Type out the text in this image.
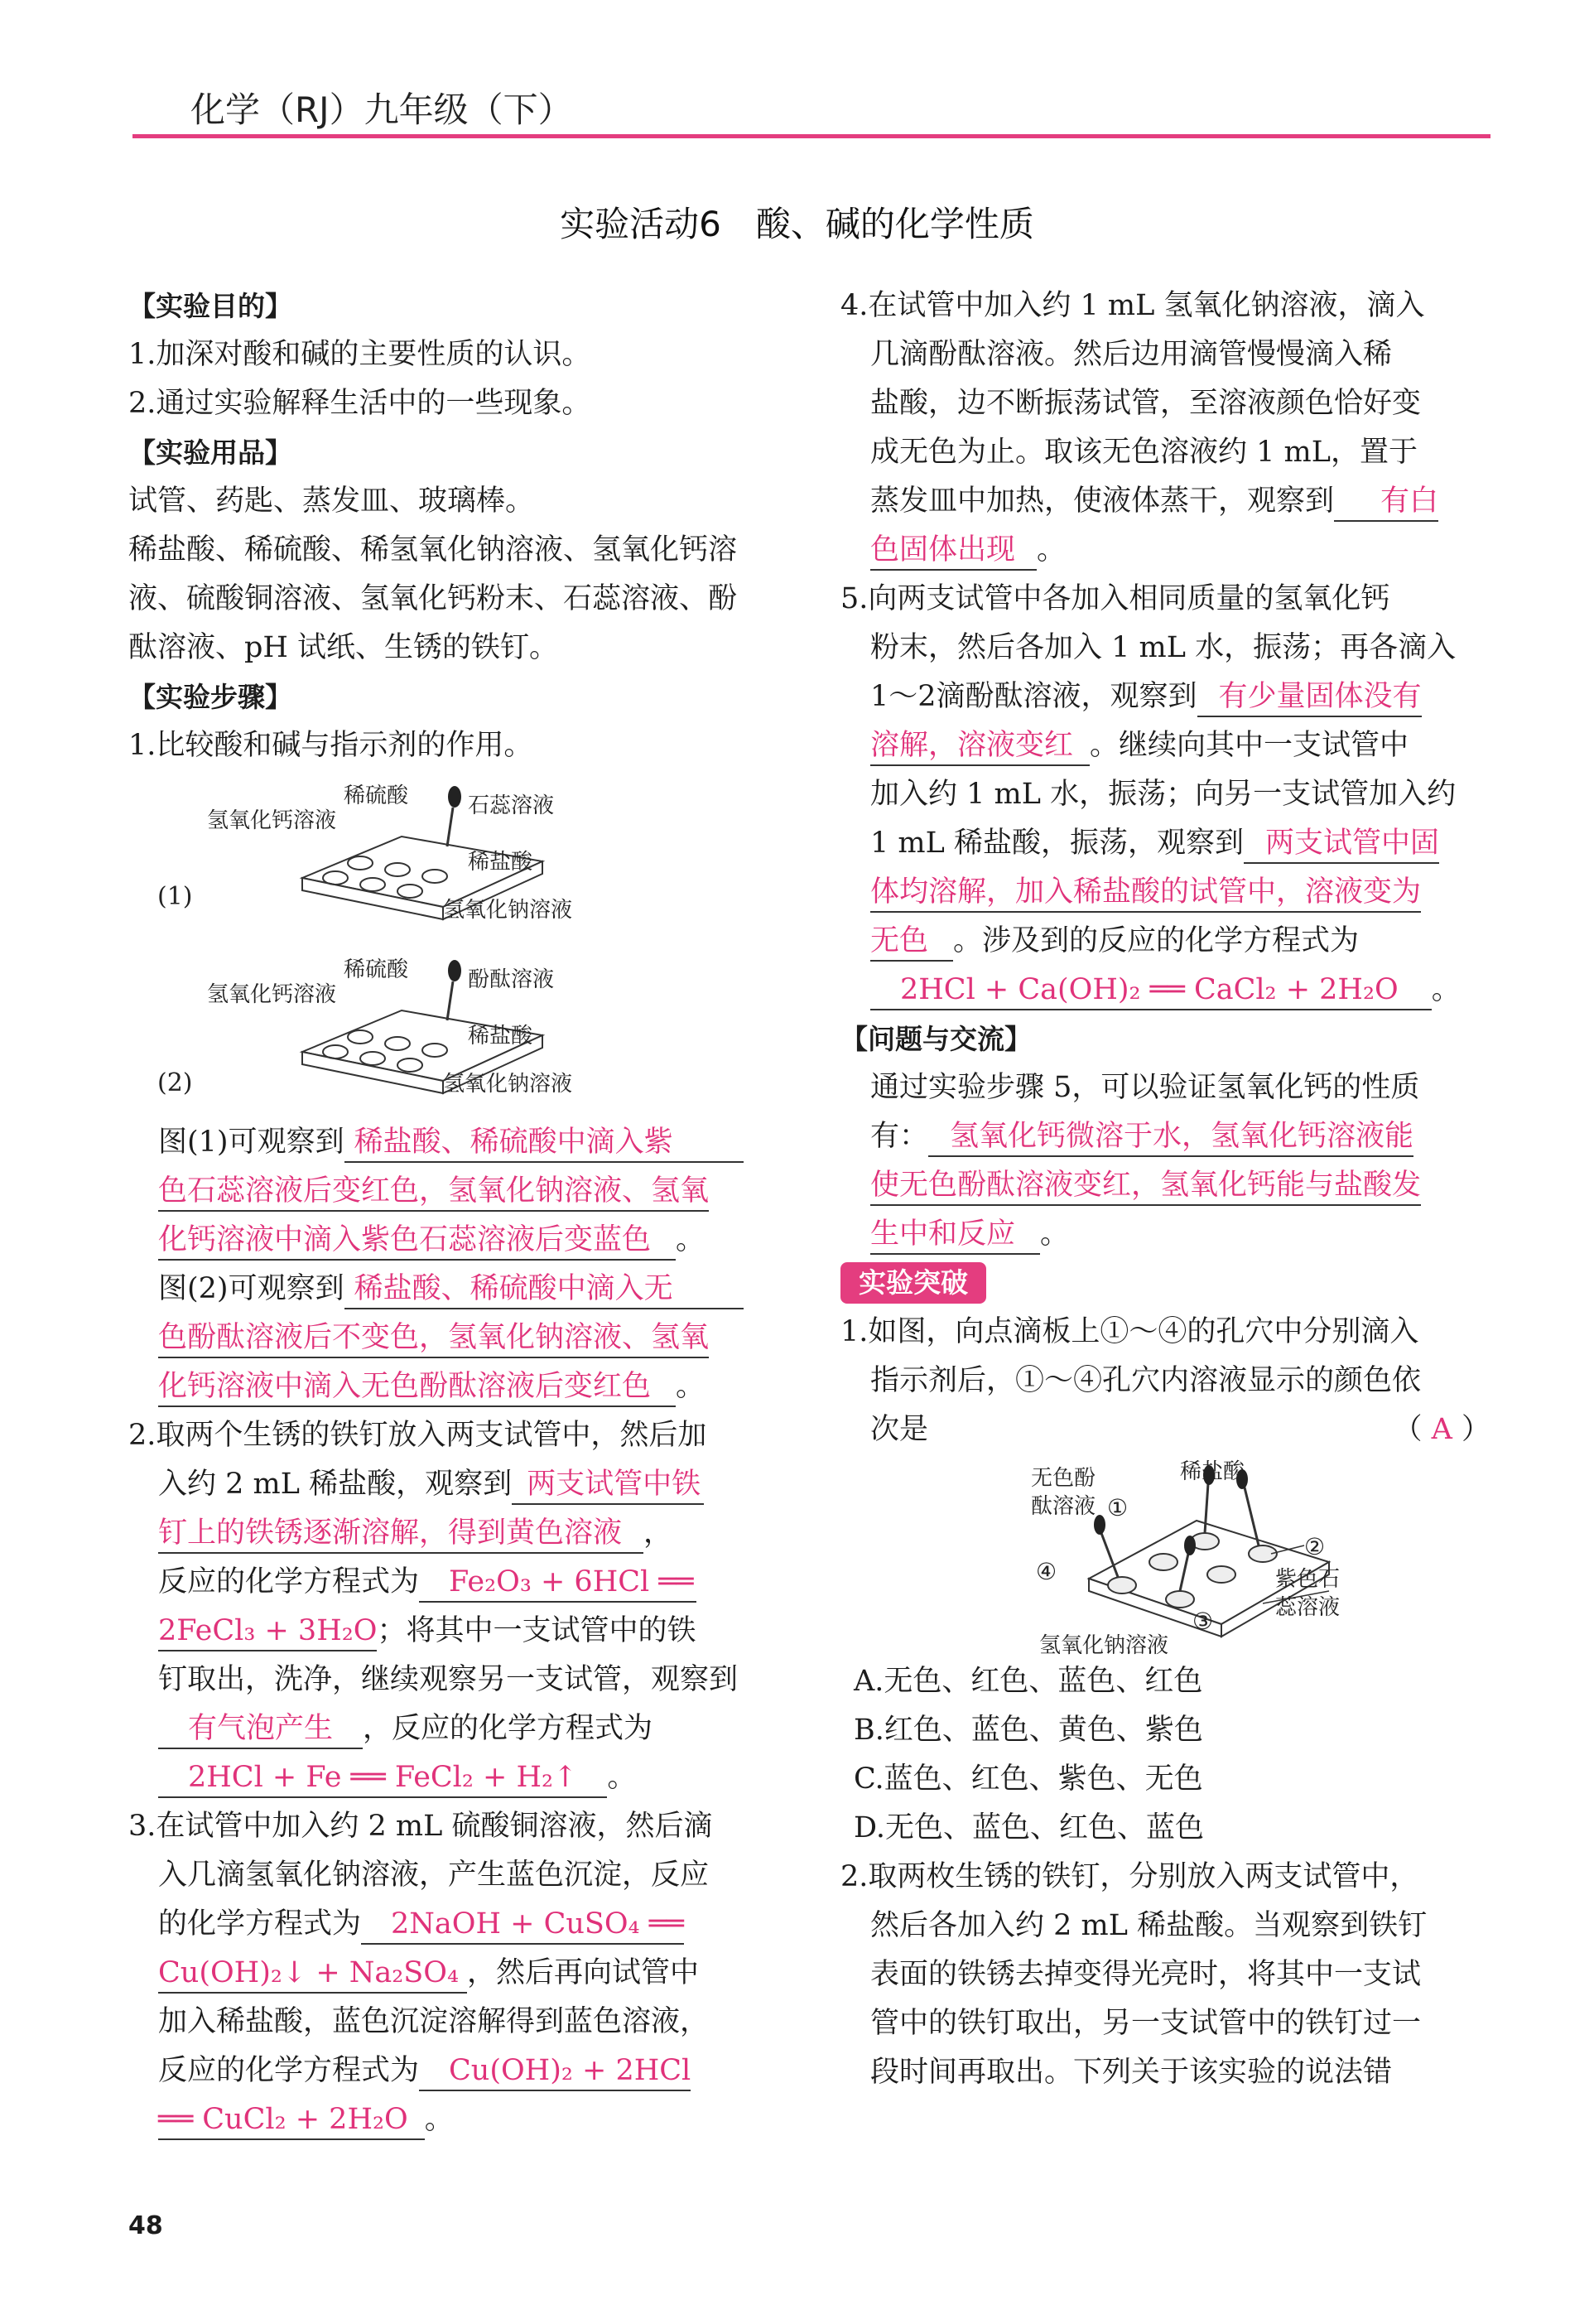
化学（RJ）九年级（下）
实验活动6　酸、碱的化学性质
【实验目的】
1.加深对酸和碱的主要性质的认识。
2.通过实验解释生活中的一些现象。
【实验用品】
试管、药匙、蒸发皿、玻璃棒。
稀盐酸、稀硫酸、稀氢氧化钠溶液、氢氧化钙溶
液、硫酸铜溶液、氢氧化钙粉末、石蕊溶液、酚
酞溶液、pH 试纸、生锈的铁钉。
【实验步骤】
1.比较酸和碱与指示剂的作用。
稀硫酸	石蕊溶液
氢氧化钙溶液
稀盐酸
氢氧化钠溶液
(1)
稀硫酸	酚酞溶液
氢氧化钙溶液
稀盐酸
氢氧化钠溶液
(2)
图(1)可观察到 稀盐酸、稀硫酸中滴入紫
色石蕊溶液后变红色，氢氧化钠溶液、氢氧
化钙溶液中滴入紫色石蕊溶液后变蓝色 。
图(2)可观察到 稀盐酸、稀硫酸中滴入无
色酚酞溶液后不变色，氢氧化钠溶液、氢氧
化钙溶液中滴入无色酚酞溶液后变红色 。
2.取两个生锈的铁钉放入两支试管中，然后加
入约 2 mL 稀盐酸，观察到 两支试管中铁
钉上的铁锈逐渐溶解，得到黄色溶液 ，
反应的化学方程式为 Fe₂O₃ + 6HCl ══
2FeCl₃ + 3H₂O；将其中一支试管中的铁
钉取出，洗净，继续观察另一支试管，观察到
有气泡产生 ，反应的化学方程式为
2HCl + Fe ══ FeCl₂ + H₂↑ 。
3.在试管中加入约 2 mL 硫酸铜溶液，然后滴
入几滴氢氧化钠溶液，产生蓝色沉淀，反应
的化学方程式为 2NaOH + CuSO₄ ══
Cu(OH)₂↓ + Na₂SO₄ ，然后再向试管中
加入稀盐酸，蓝色沉淀溶解得到蓝色溶液，
反应的化学方程式为 Cu(OH)₂ + 2HCl
══ CuCl₂ + 2H₂O 。
4.在试管中加入约 1 mL 氢氧化钠溶液，滴入
几滴酚酞溶液。然后边用滴管慢慢滴入稀
盐酸，边不断振荡试管，至溶液颜色恰好变
成无色为止。取该无色溶液约 1 mL，置于
蒸发皿中加热，使液体蒸干，观察到 有白
色固体出现 。
5.向两支试管中各加入相同质量的氢氧化钙
粉末，然后各加入 1 mL 水，振荡；再各滴入
1～2滴酚酞溶液，观察到 有少量固体没有
溶解，溶液变红 。继续向其中一支试管中
加入约 1 mL 水，振荡；向另一支试管加入约
1 mL 稀盐酸，振荡，观察到 两支试管中固
体均溶解，加入稀盐酸的试管中，溶液变为
无色 。涉及到的反应的化学方程式为
2HCl + Ca(OH)₂ ══ CaCl₂ + 2H₂O 。
【问题与交流】
通过实验步骤 5，可以验证氢氧化钙的性质
有： 氢氧化钙微溶于水，氢氧化钙溶液能
使无色酚酞溶液变红，氢氧化钙能与盐酸发
生中和反应 。
实验突破
1.如图，向点滴板上①～④的孔穴中分别滴入
指示剂后，①～④孔穴内溶液显示的颜色依
次是	（ A ）
无色酚
酞溶液
稀盐酸
紫色石
蕊溶液
氢氧化钠溶液
①
②
③
④
A.无色、红色、蓝色、红色
B.红色、蓝色、黄色、紫色
C.蓝色、红色、紫色、无色
D.无色、蓝色、红色、蓝色
2.取两枚生锈的铁钉，分别放入两支试管中，
然后各加入约 2 mL 稀盐酸。当观察到铁钉
表面的铁锈去掉变得光亮时，将其中一支试
管中的铁钉取出，另一支试管中的铁钉过一
段时间再取出。下列关于该实验的说法错
48
